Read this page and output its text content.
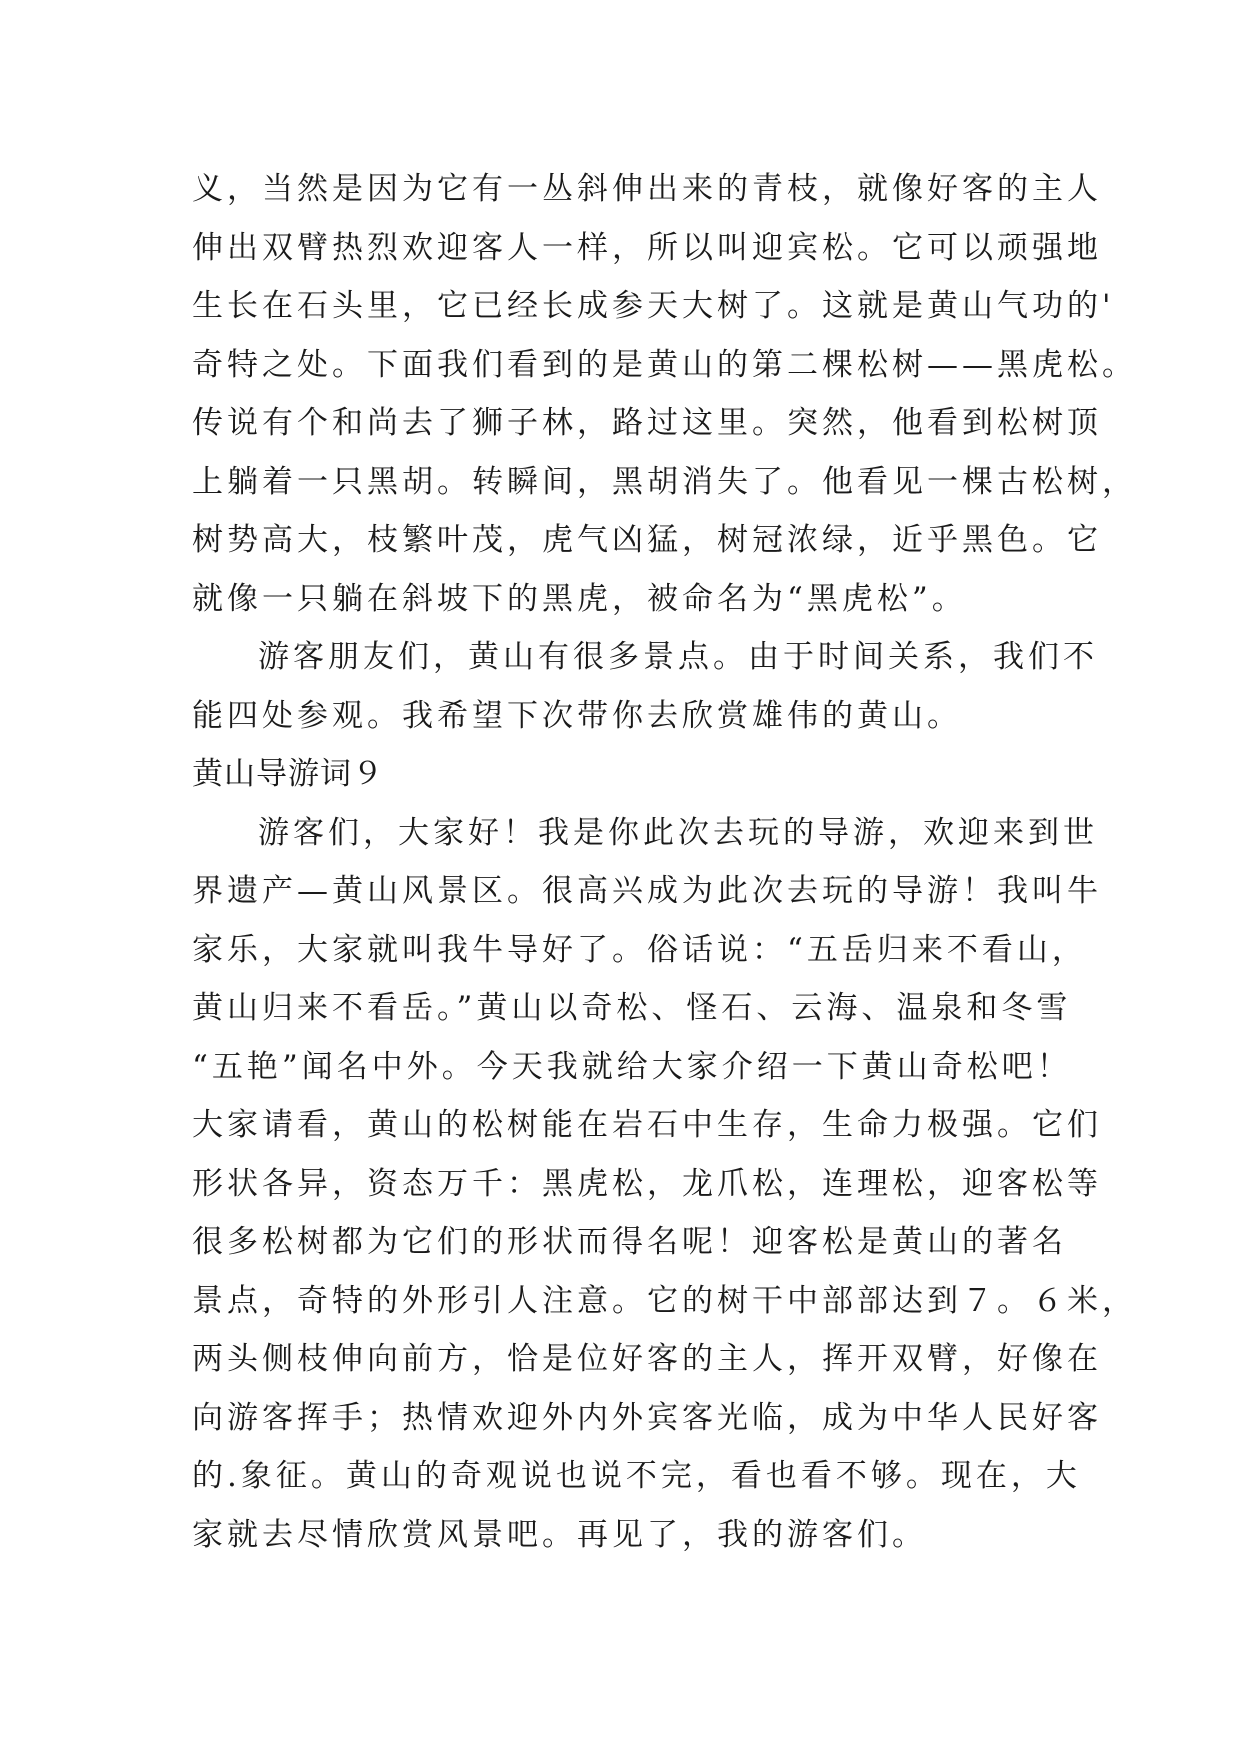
义，当然是因为它有一丛斜伸出来的青枝，就像好客的主人
伸出双臂热烈欢迎客人一样，所以叫迎宾松。它可以顽强地
生长在石头里，它已经长成参天大树了。这就是黄山气功的'
奇特之处。下面我们看到的是黄山的第二棵松树——黑虎松。
传说有个和尚去了狮子林，路过这里。突然，他看到松树顶
上躺着一只黑胡。转瞬间，黑胡消失了。他看见一棵古松树，
树势高大，枝繁叶茂，虎气凶猛，树冠浓绿，近乎黑色。它
就像一只躺在斜坡下的黑虎，被命名为“黑虎松”。
游客朋友们，黄山有很多景点。由于时间关系，我们不
能四处参观。我希望下次带你去欣赏雄伟的黄山。
黄山导游词９
游客们，大家好！我是你此次去玩的导游，欢迎来到世
界遗产—黄山风景区。很高兴成为此次去玩的导游！我叫牛
家乐，大家就叫我牛导好了。俗话说：“五岳归来不看山，
黄山归来不看岳。”黄山以奇松、怪石、云海、温泉和冬雪
“五艳”闻名中外。今天我就给大家介绍一下黄山奇松吧！
大家请看，黄山的松树能在岩石中生存，生命力极强。它们
形状各异，资态万千：黑虎松，龙爪松，连理松，迎客松等
很多松树都为它们的形状而得名呢！迎客松是黄山的著名
景点，奇特的外形引人注意。它的树干中部部达到７。６米，
两头侧枝伸向前方，恰是位好客的主人，挥开双臂，好像在
向游客挥手；热情欢迎外内外宾客光临，成为中华人民好客
的.象征。黄山的奇观说也说不完，看也看不够。现在，大
家就去尽情欣赏风景吧。再见了，我的游客们。
